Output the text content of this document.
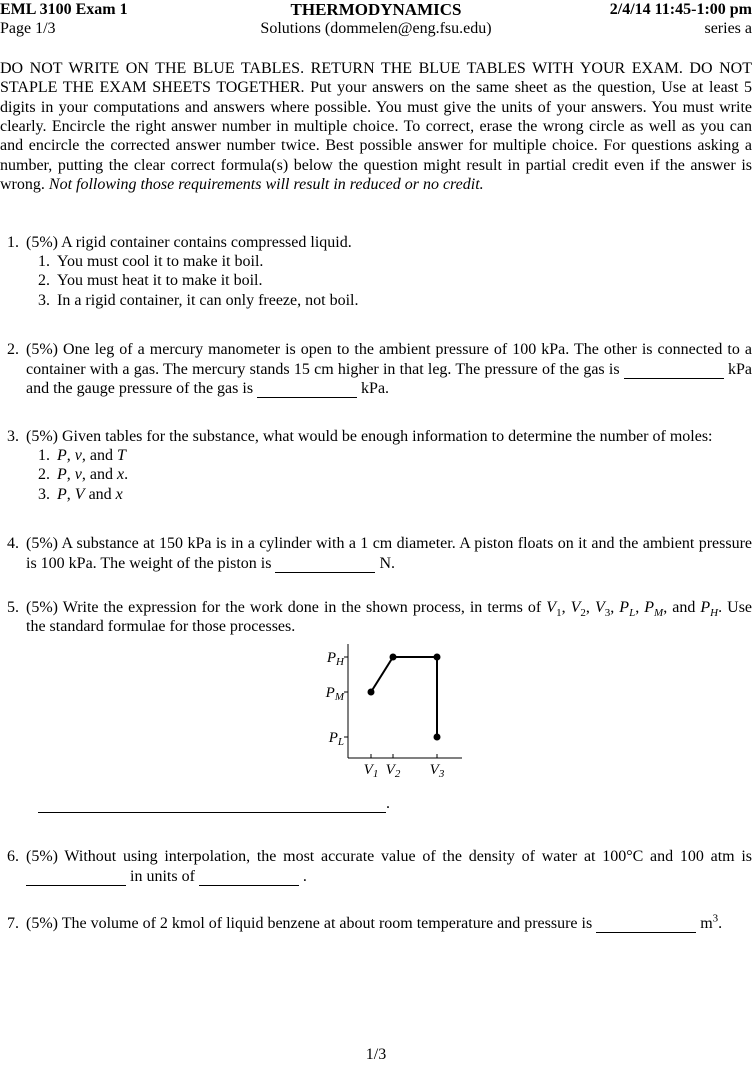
EML 3100 Exam 1	THERMODYNAMICS	2/4/14 11:45-1:00 pm
Page 1/3	Solutions (dommelen@eng.fsu.edu)	series a
DO NOT WRITE ON THE BLUE TABLES. RETURN THE BLUE TABLES WITH YOUR EXAM. DO NOT STAPLE THE EXAM SHEETS TOGETHER. Put your answers on the same sheet as the question, Use at least 5 digits in your computations and answers where possible. You must give the units of your answers. You must write clearly. Encircle the right answer number in multiple choice. To correct, erase the wrong circle as well as you can and encircle the corrected answer number twice. Best possible answer for multiple choice. For questions asking a number, putting the clear correct formula(s) below the question might result in partial credit even if the answer is wrong. Not following those requirements will result in reduced or no credit.
1. (5%) A rigid container contains compressed liquid.
1. You must cool it to make it boil.
2. You must heat it to make it boil.
3. In a rigid container, it can only freeze, not boil.
2. (5%) One leg of a mercury manometer is open to the ambient pressure of 100 kPa. The other is connected to a container with a gas. The mercury stands 15 cm higher in that leg. The pressure of the gas is	kPa and the gauge pressure of the gas is	kPa.
3. (5%) Given tables for the substance, what would be enough information to determine the number of moles:
1. P, v, and T
2. P, v, and x.
3. P, V and x
4. (5%) A substance at 150 kPa is in a cylinder with a 1 cm diameter. A piston floats on it and the ambient pressure is 100 kPa. The weight of the piston is	N.
5. (5%) Write the expression for the work done in the shown process, in terms of $V_1$, $V_2$, $V_3$, $P_L$, $P_M$, and $P_H$. Use the standard formulae for those processes.
$P_H$
$P_M$
$P_L$
$V_1$ $V_2$ $V_3$
.
6. (5%) Without using interpolation, the most accurate value of the density of water at 100°C and 100 atm is  in units of	.
7. (5%) The volume of 2 kmol of liquid benzene at about room temperature and pressure is	$m^3$.
1/3
